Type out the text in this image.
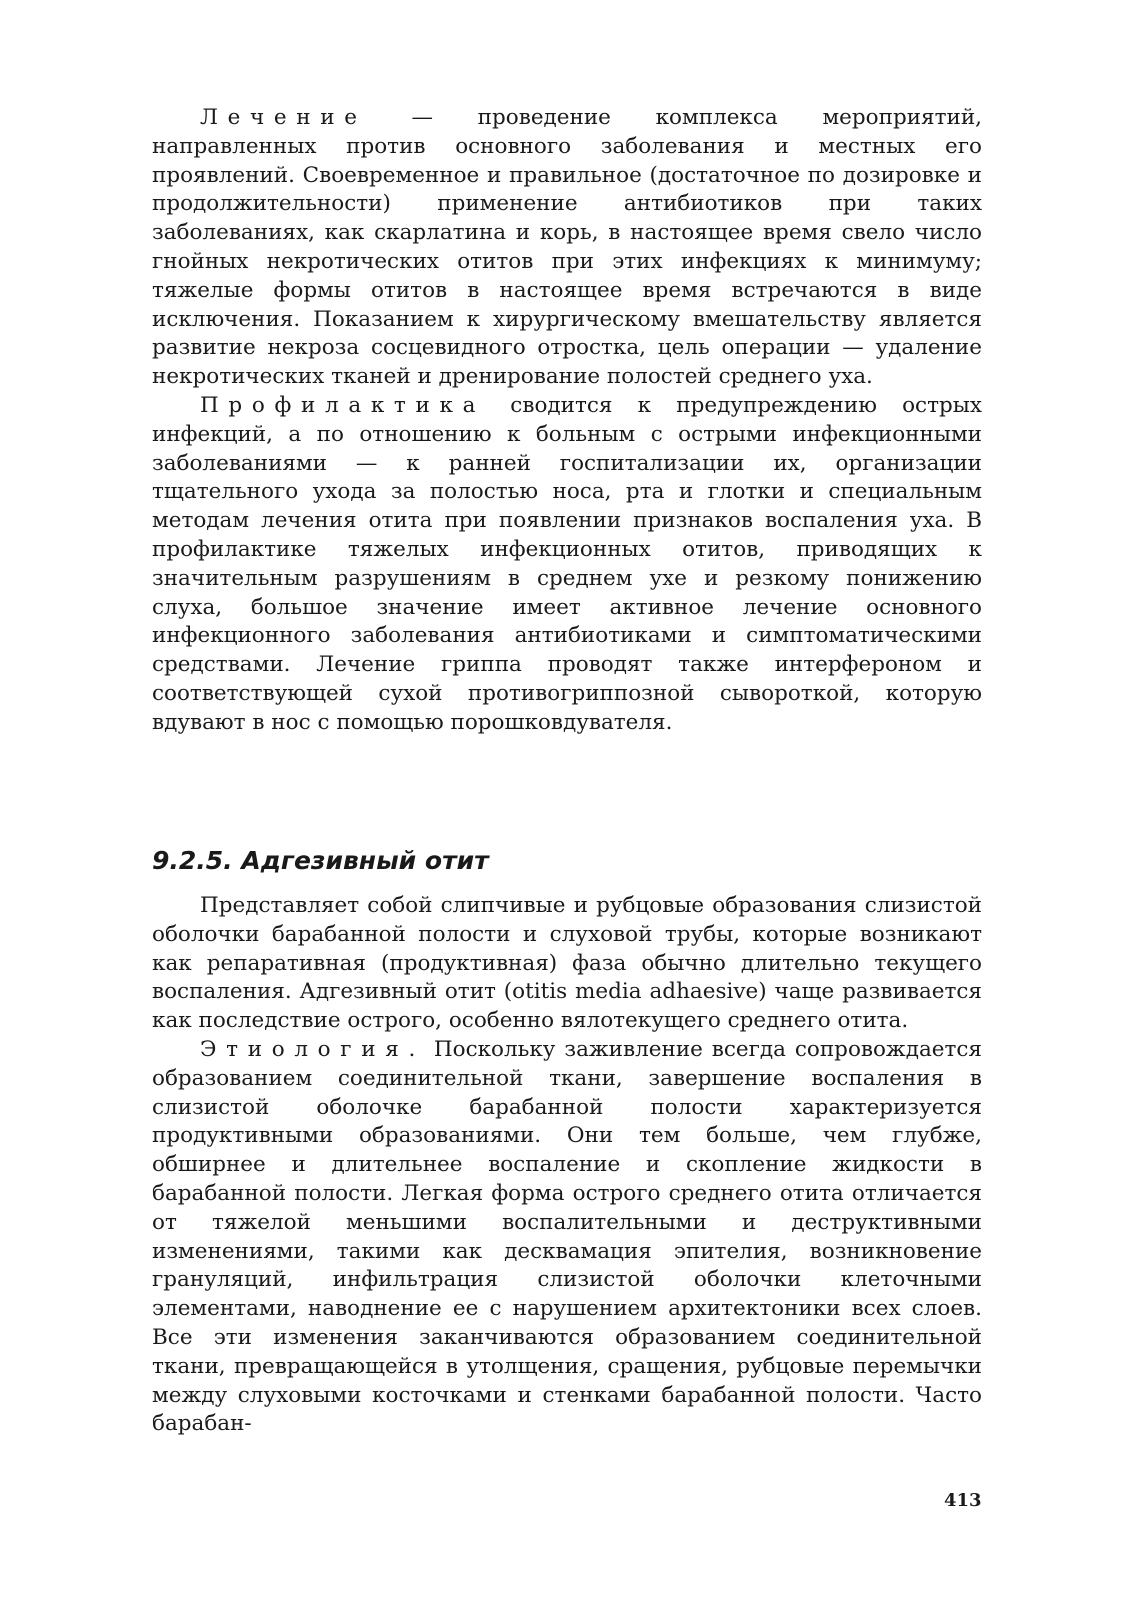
Лечение — проведение комплекса мероприятий, направленных против основного заболевания и местных его проявлений. Своевременное и правильное (достаточное по дозировке и продолжительности) применение антибиотиков при таких заболеваниях, как скарлатина и корь, в настоящее время свело число гнойных некротических отитов при этих инфекциях к минимуму; тяжелые формы отитов в настоящее время встречаются в виде исключения. Показанием к хирургическому вмешательству является развитие некроза сосцевидного отростка, цель операции — удаление некротических тканей и дренирование полостей среднего уха.

Профилактика сводится к предупреждению острых инфекций, а по отношению к больным с острыми инфекционными заболеваниями — к ранней госпитализации их, организации тщательного ухода за полостью носа, рта и глотки и специальным методам лечения отита при появлении признаков воспаления уха. В профилактике тяжелых инфекционных отитов, приводящих к значительным разрушениям в среднем ухе и резкому понижению слуха, большое значение имеет активное лечение основного инфекционного заболевания антибиотиками и симптоматическими средствами. Лечение гриппа проводят также интерфероном и соответствующей сухой противогриппозной сывороткой, которую вдувают в нос с помощью порошковдувателя.

9.2.5. Адгезивный отит

Представляет собой слипчивые и рубцовые образования слизистой оболочки барабанной полости и слуховой трубы, которые возникают как репаративная (продуктивная) фаза обычно длительно текущего воспаления. Адгезивный отит (otitis media adhaesive) чаще развивается как последствие острого, особенно вялотекущего среднего отита.

Этиология. Поскольку заживление всегда сопровождается образованием соединительной ткани, завершение воспаления в слизистой оболочке барабанной полости характеризуется продуктивными образованиями. Они тем больше, чем глубже, обширнее и длительнее воспаление и скопление жидкости в барабанной полости. Легкая форма острого среднего отита отличается от тяжелой меньшими воспалительными и деструктивными изменениями, такими как десквамация эпителия, возникновение грануляций, инфильтрация слизистой оболочки клеточными элементами, наводнение ее с нарушением архитектоники всех слоев. Все эти изменения заканчиваются образованием соединительной ткани, превращающейся в утолщения, сращения, рубцовые перемычки между слуховыми косточками и стенками барабанной полости. Часто барабан-

413
